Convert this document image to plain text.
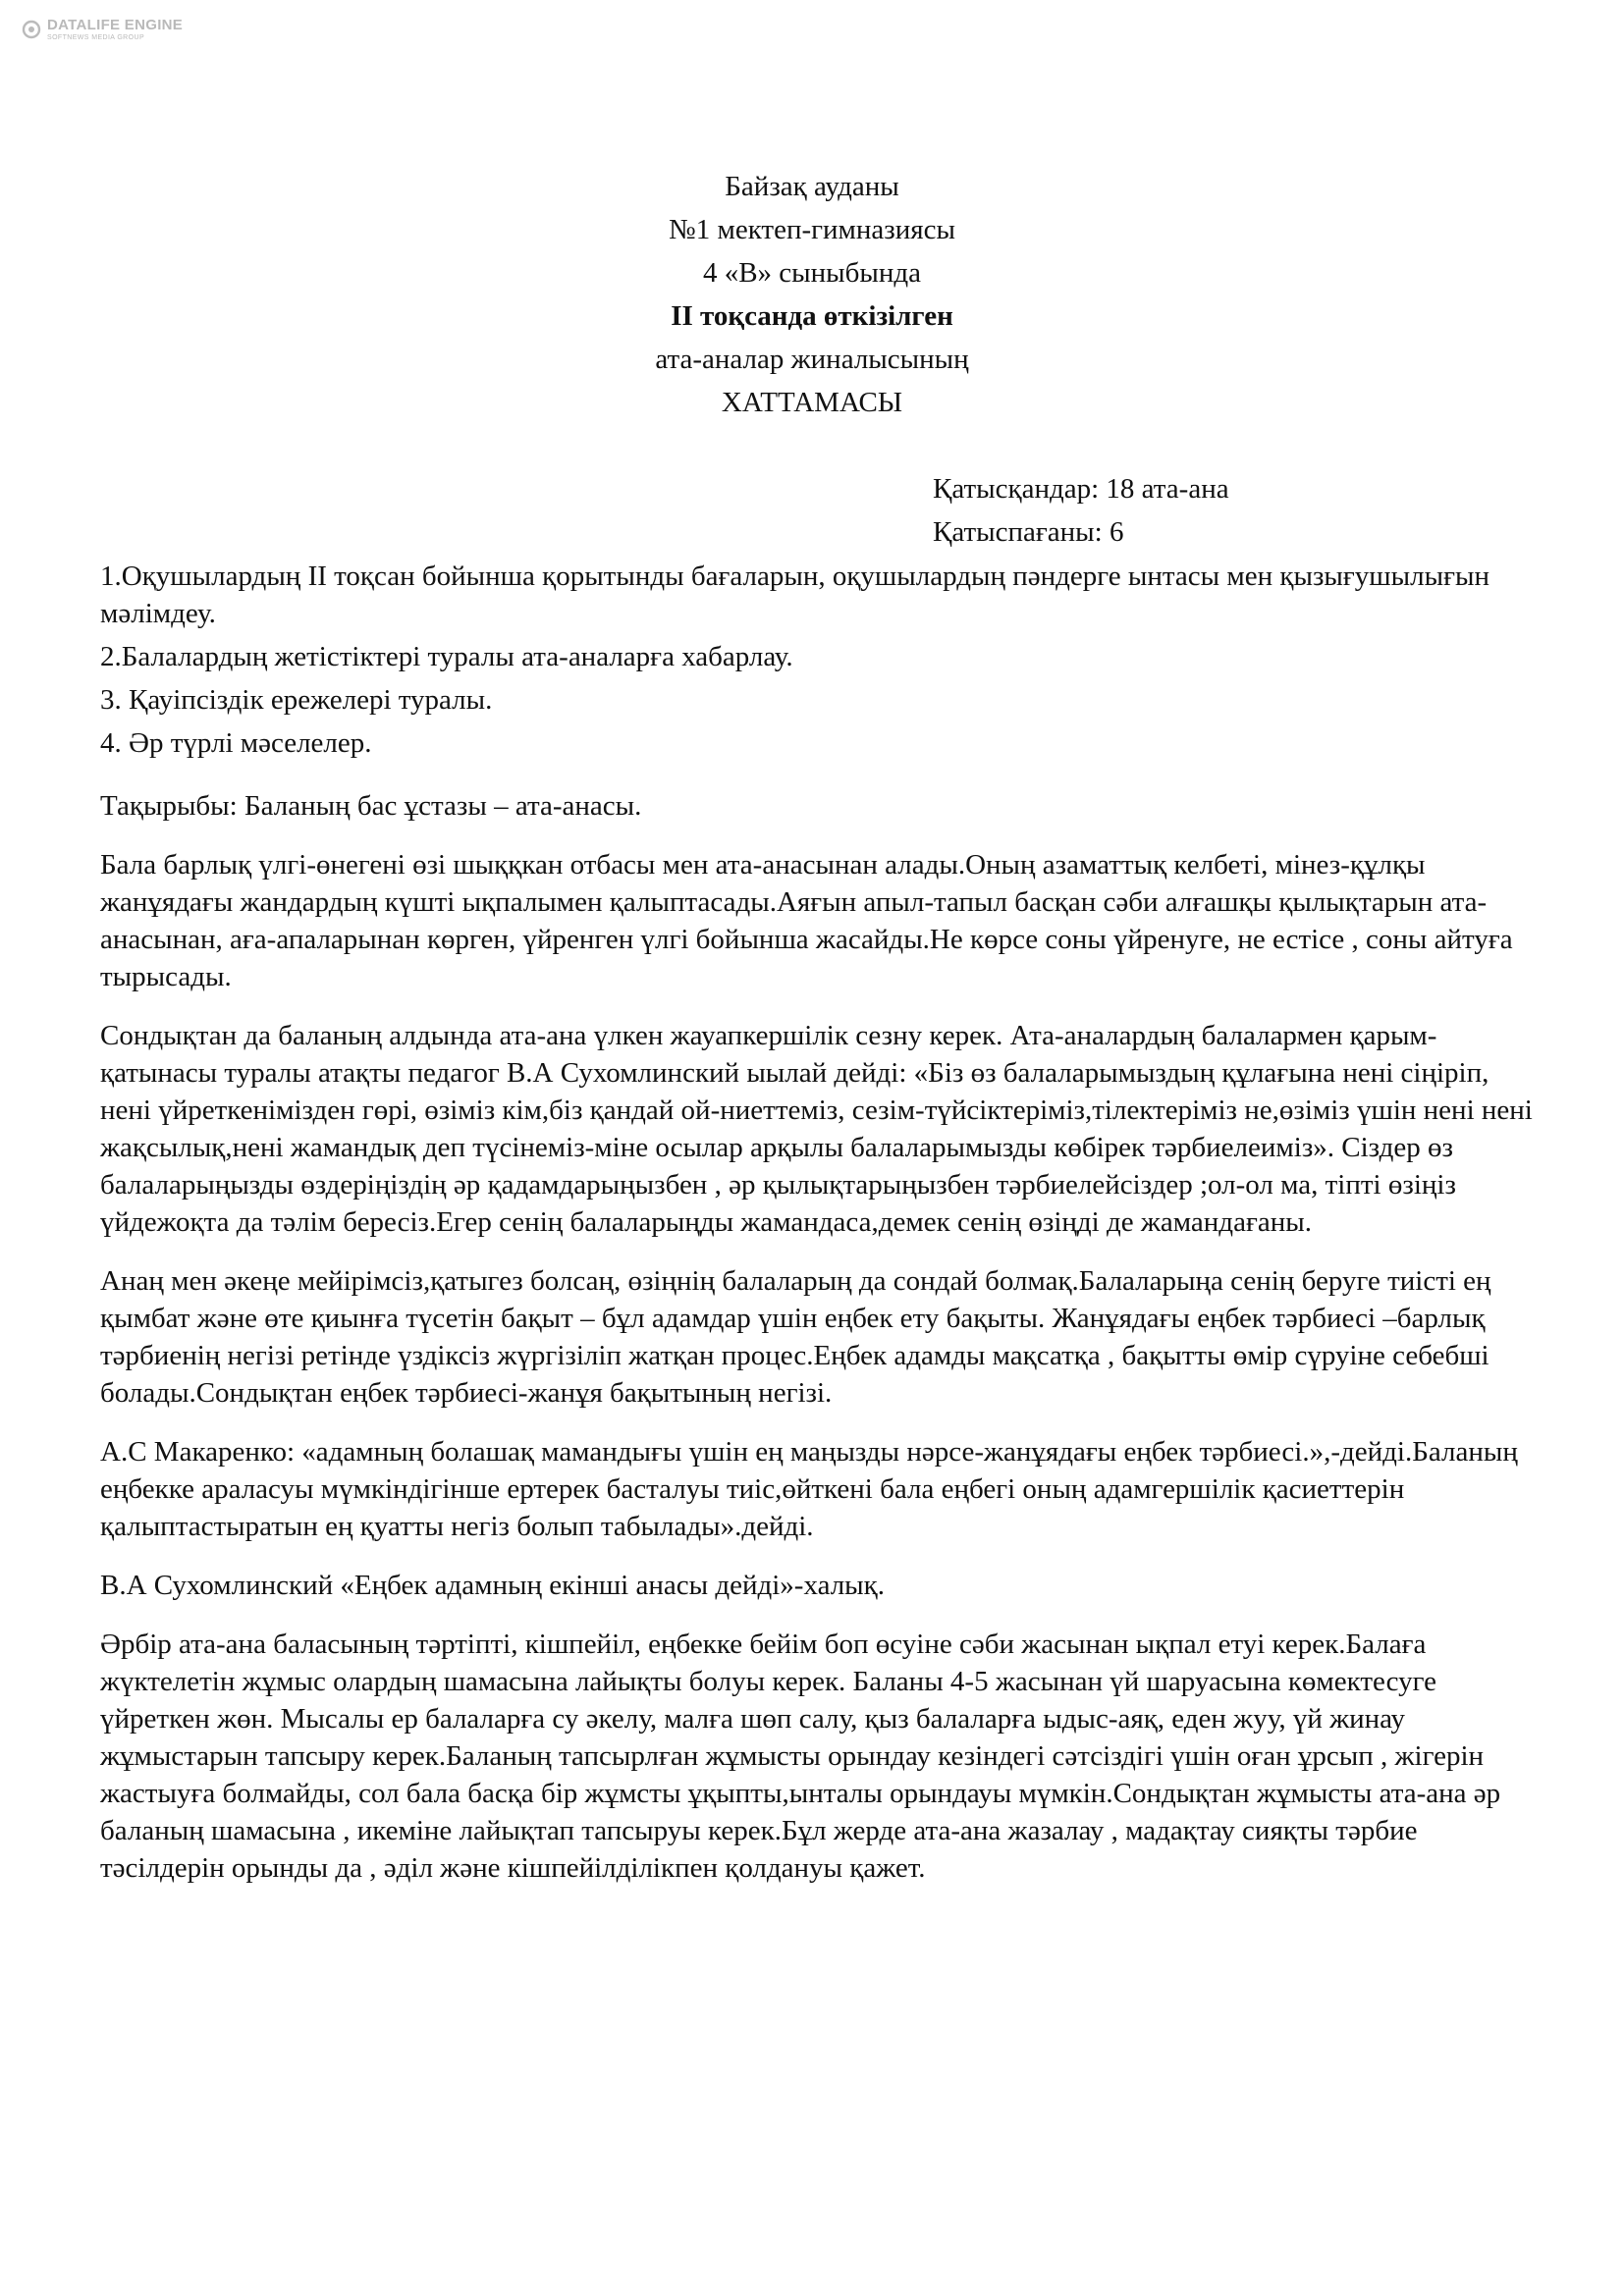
DATALIFE ENGINE
SOFTNEWS MEDIA GROUP
Байзақ ауданы
№1 мектеп-гимназиясы
4 «В» сыныбында
ІІ тоқсанда өткізілген
ата-аналар жиналысының
ХАТТАМАСЫ
Қатысқандар: 18 ата-ана
Қатыспағаны: 6
1.Оқушылардың ІІ тоқсан бойынша қорытынды бағаларын, оқушылардың пәндерге ынтасы мен қызығушылығын мәлімдеу.
2.Балалардың жетістіктері туралы ата-аналарға хабарлау.
3. Қауіпсіздік ережелері туралы.
4. Әр түрлі мәселелер.

Тақырыбы: Баланың бас ұстазы – ата-анасы.

Бала барлық үлгі-өнегені өзі шыққкан отбасы мен ата-анасынан алады.Оның азаматтық келбеті, мінез-құлқы жанұядағы жандардың күшті ықпалымен қалыптасады.Аяғын апыл-тапыл басқан сәби алғашқы қылықтарын ата-анасынан, аға-апаларынан көрген, үйренген үлгі бойынша жасайды.Не көрсе соны үйренуге, не естісе , соны айтуға тырысады.

Сондықтан да баланың алдында ата-ана үлкен жауапкершілік сезну керек. Ата-аналардың балалармен қарым-қатынасы туралы атақты педагог В.А Сухомлинский ыылай дейді: «Біз өз балаларымыздың құлағына нені сіңіріп, нені үйреткенімізден гөрі, өзіміз кім,біз қандай ой-ниеттеміз, сезім-түйсіктеріміз,тілектеріміз не,өзіміз үшін нені нені жақсылық,нені жамандық деп түсінеміз-міне осылар арқылы балаларымызды көбірек тәрбиелеиміз». Сіздер өз балаларыңызды өздеріңіздің әр қадамдарыңызбен , әр қылықтарыңызбен тәрбиелейсіздер ;ол-ол ма, тіпті өзіңіз үйдежоқта да тәлім бересіз.Егер сенің балаларыңды жамандаса,демек сенің өзіңді де жамандағаны.

Анаң мен әкеңе мейірімсіз,қатыгез болсаң, өзіңнің балаларың да сондай болмақ.Балаларыңа сенің беруге тиісті ең қымбат және өте қиынға түсетін бақыт – бұл адамдар үшін еңбек ету бақыты. Жанұядағы еңбек тәрбиесі –барлық тәрбиенің негізі ретінде үздіксіз жүргізіліп жатқан процес.Еңбек адамды мақсатқа , бақытты өмір сүруіне себебші болады.Сондықтан еңбек тәрбиесі-жанұя бақытының негізі.

А.С Макаренко: «адамның болашақ мамандығы үшін ең маңызды нәрсе-жанұядағы еңбек тәрбиесі.»,-дейді.Баланың еңбекке араласуы мүмкіндігінше ертерек басталуы тиіс,өйткені бала еңбегі оның адамгершілік қасиеттерін қалыптастыратын ең қуатты негіз болып табылады».дейді.

В.А Сухомлинский «Еңбек адамның екінші анасы дейді»-халық.

Әрбір ата-ана баласының тәртіпті, кішпейіл, еңбекке бейім боп өсуіне сәби жасынан ықпал етуі керек.Балаға жүктелетін жұмыс олардың шамасына лайықты болуы керек. Баланы 4-5 жасынан үй шаруасына көмектесуге үйреткен жөн. Мысалы ер балаларға су әкелу, малға шөп салу, қыз балаларға ыдыс-аяқ, еден жуу, үй жинау жұмыстарын тапсыру керек.Баланың тапсырлған жұмысты орындау кезіндегі сәтсіздігі үшін оған ұрсып , жігерін жастыуға болмайды, сол бала басқа бір жұмсты ұқыпты,ынталы орындауы мүмкін.Сондықтан жұмысты ата-ана әр баланың шамасына , икеміне лайықтап тапсыруы керек.Бұл жерде ата-ана жазалау , мадақтау сияқты тәрбие тәсілдерін орынды да , әділ және кішпейілділікпен қолдануы қажет.
